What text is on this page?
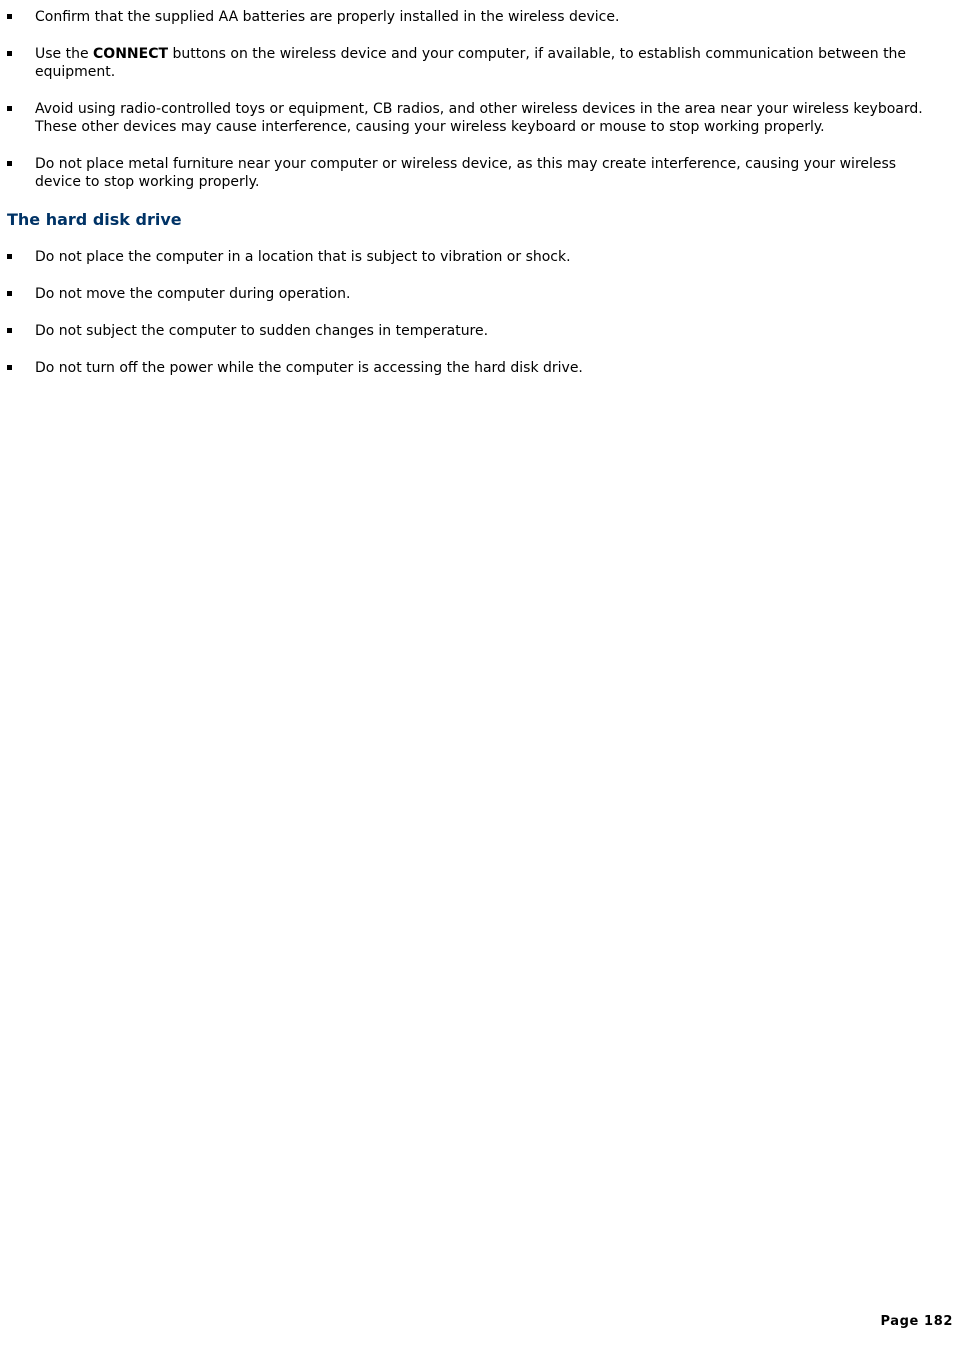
Confirm that the supplied AA batteries are properly installed in the wireless device.
Use the CONNECT buttons on the wireless device and your computer, if available, to establish communication between the equipment.
Avoid using radio-controlled toys or equipment, CB radios, and other wireless devices in the area near your wireless keyboard. These other devices may cause interference, causing your wireless keyboard or mouse to stop working properly.
Do not place metal furniture near your computer or wireless device, as this may create interference, causing your wireless device to stop working properly.
The hard disk drive
Do not place the computer in a location that is subject to vibration or shock.
Do not move the computer during operation.
Do not subject the computer to sudden changes in temperature.
Do not turn off the power while the computer is accessing the hard disk drive.
Page 182
